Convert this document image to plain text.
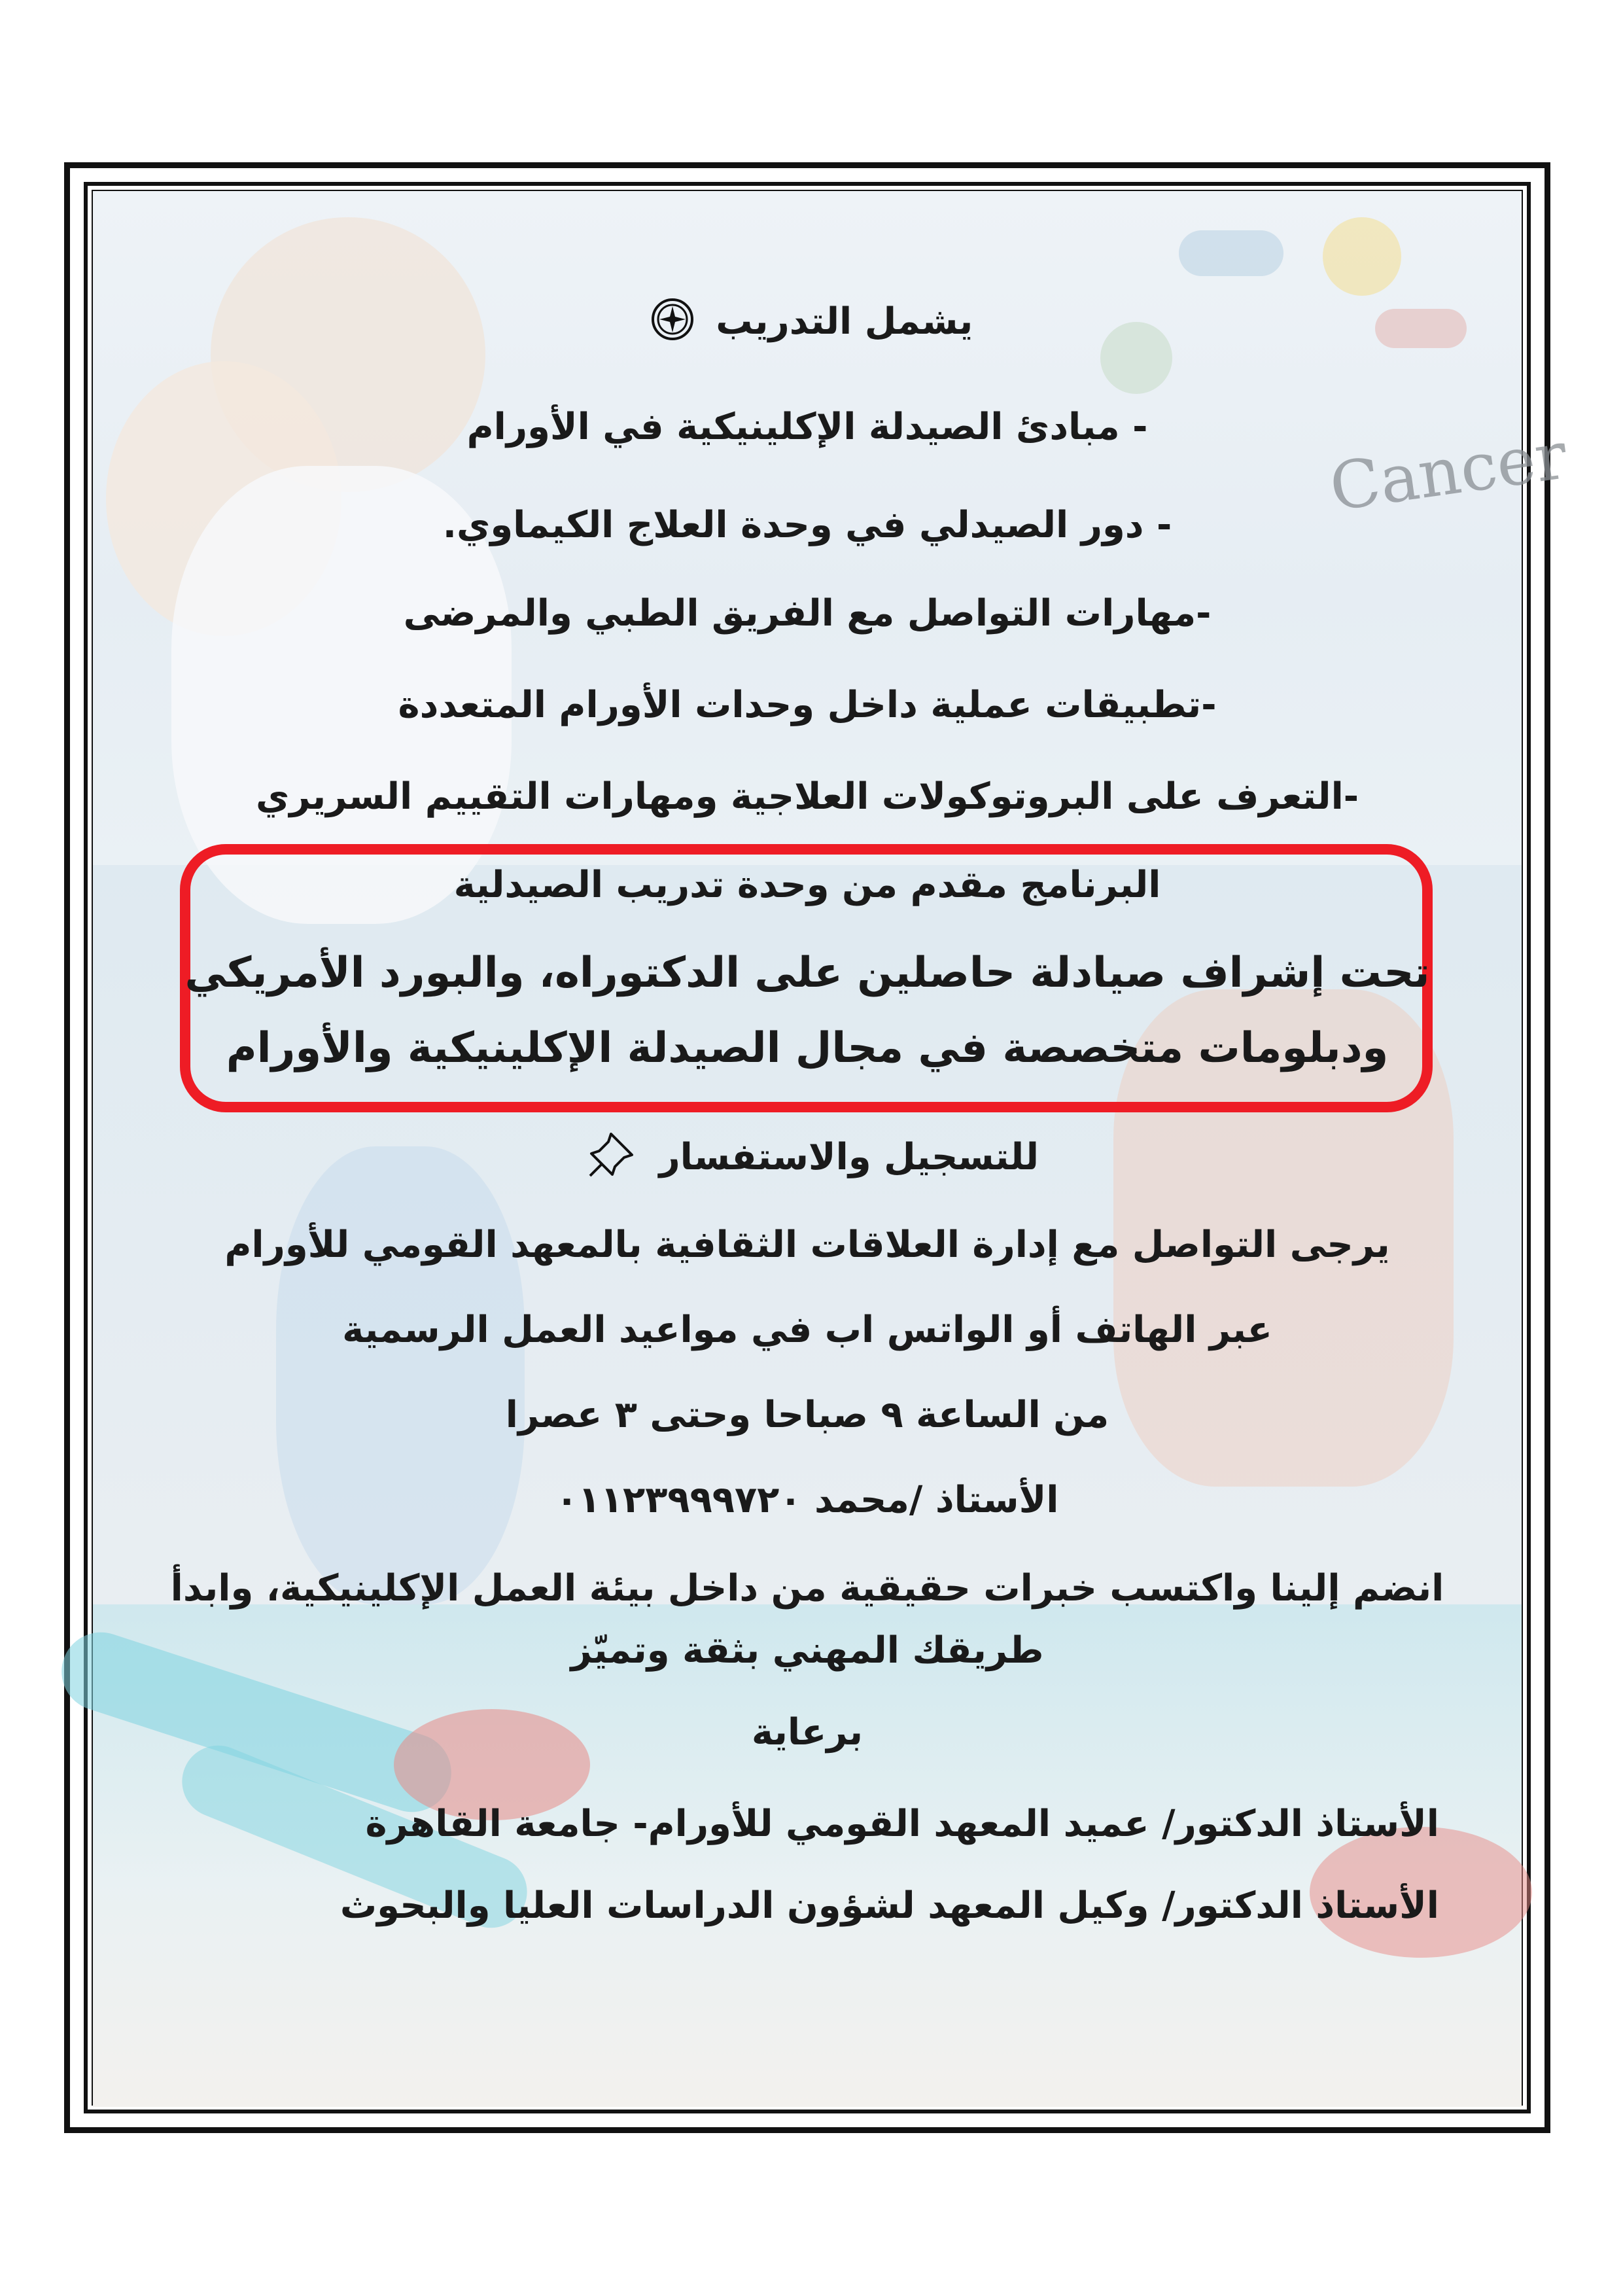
Cancer
يشمل التدريب
- مبادئ الصيدلة الإكلينيكية في الأورام
- دور الصيدلي في وحدة العلاج الكيماوي.
-مهارات التواصل مع الفريق الطبي والمرضى
-تطبيقات عملية داخل وحدات الأورام المتعددة
-التعرف على البروتوكولات العلاجية ومهارات التقييم السريري
البرنامج مقدم من وحدة تدريب الصيدلية
تحت إشراف صيادلة حاصلين على الدكتوراه، والبورد الأمريكي
ودبلومات متخصصة في مجال الصيدلة الإكلينيكية والأورام
للتسجيل والاستفسار
يرجى التواصل مع إدارة العلاقات الثقافية بالمعهد القومي للأورام
عبر الهاتف أو الواتس اب في مواعيد العمل الرسمية
من الساعة ٩ صباحا وحتى ٣ عصرا
الأستاذ /محمد ٠١١٢٣٩٩٩٧٢٠
انضم إلينا واكتسب خبرات حقيقية من داخل بيئة العمل الإكلينيكية، وابدأ
طريقك المهني بثقة وتميّز
برعاية
الأستاذ الدكتور/ عميد المعهد القومي للأورام- جامعة القاهرة
الأستاذ الدكتور/ وكيل المعهد لشؤون الدراسات العليا والبحوث
